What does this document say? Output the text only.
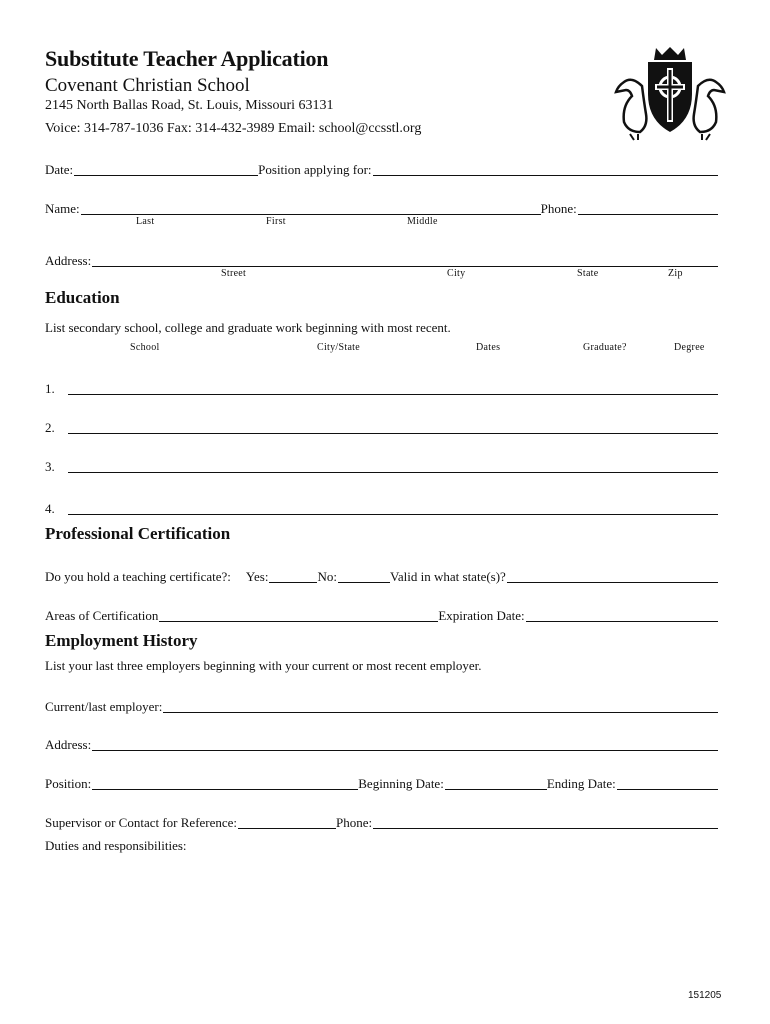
Substitute Teacher Application
Covenant Christian School
2145 North Ballas Road, St. Louis, Missouri 63131
Voice: 314-787-1036 Fax: 314-432-3989 Email: school@ccsstl.org
Date:	Position applying for:
Name:	Phone:
Last	First	Middle
Address:
Street	City	State	Zip
Education
List secondary school, college and graduate work beginning with most recent.
School	City/State	Dates	Graduate?	Degree
1.
2.
3.
4.
Professional Certification
Do you hold a teaching certificate?: Yes:	No:	Valid in what state(s)?
Areas of Certification	Expiration Date:
Employment History
List your last three employers beginning with your current or most recent employer.
Current/last employer:
Address:
Position:	Beginning Date:	Ending Date:
Supervisor or Contact for Reference:	Phone:
Duties and responsibilities:
151205
